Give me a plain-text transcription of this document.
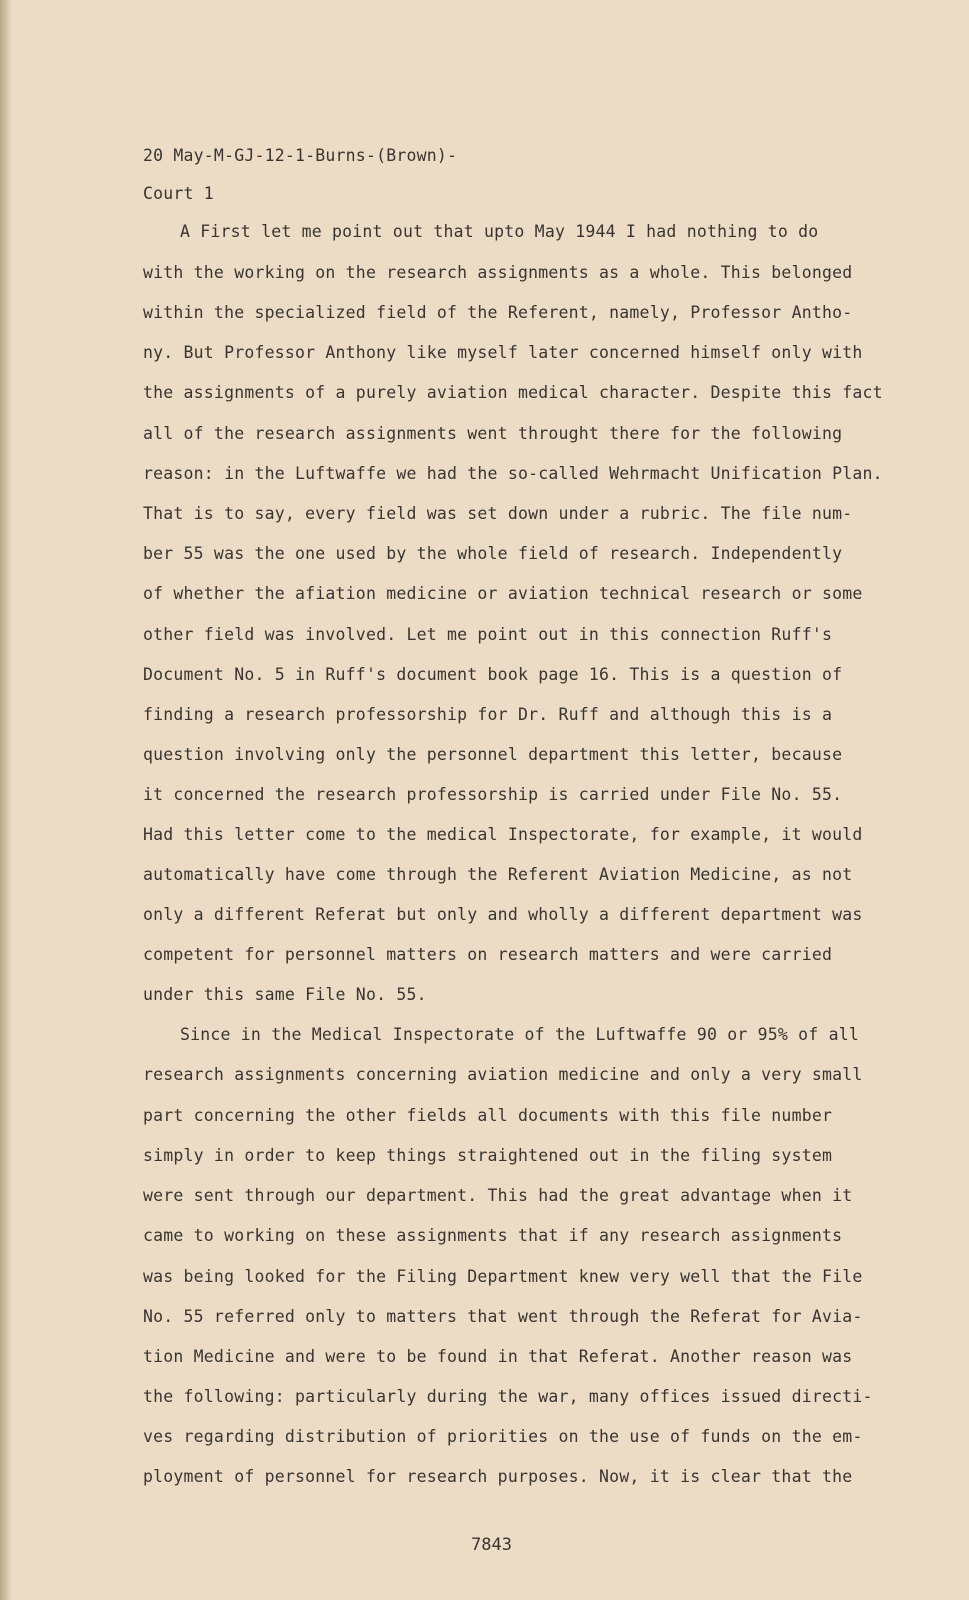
20 May-M-GJ-12-1-Burns-(Brown)-
Court 1
A First let me point out that upto May 1944 I had nothing to do
with the working on the research assignments as a whole. This belonged
within the specialized field of the Referent, namely, Professor Antho-
ny. But Professor Anthony like myself later concerned himself only with
the assignments of a purely aviation medical character. Despite this fact
all of the research assignments went throught there for the following
reason: in the Luftwaffe we had the so-called Wehrmacht Unification Plan.
That is to say, every field was set down under a rubric. The file num-
ber 55 was the one used by the whole field of research. Independently
of whether the afiation medicine or aviation technical research or some
other field was involved. Let me point out in this connection Ruff's
Document No. 5 in Ruff's document book page 16. This is a question of
finding a research professorship for Dr. Ruff and although this is a
question involving only the personnel department this letter, because
it concerned the research professorship is carried under File No. 55.
Had this letter come to the medical Inspectorate, for example, it would
automatically have come through the Referent Aviation Medicine, as not
only a different Referat but only and wholly a different department was
competent for personnel matters on research matters and were carried
under this same File No. 55.
Since in the Medical Inspectorate of the Luftwaffe 90 or 95% of all
research assignments concerning aviation medicine and only a very small
part concerning the other fields all documents with this file number
simply in order to keep things straightened out in the filing system
were sent through our department. This had the great advantage when it
came to working on these assignments that if any research assignments
was being looked for the Filing Department knew very well that the File
No. 55 referred only to matters that went through the Referat for Avia-
tion Medicine and were to be found in that Referat. Another reason was
the following: particularly during the war, many offices issued directi-
ves regarding distribution of priorities on the use of funds on the em-
ployment of personnel for research purposes. Now, it is clear that the
7843
